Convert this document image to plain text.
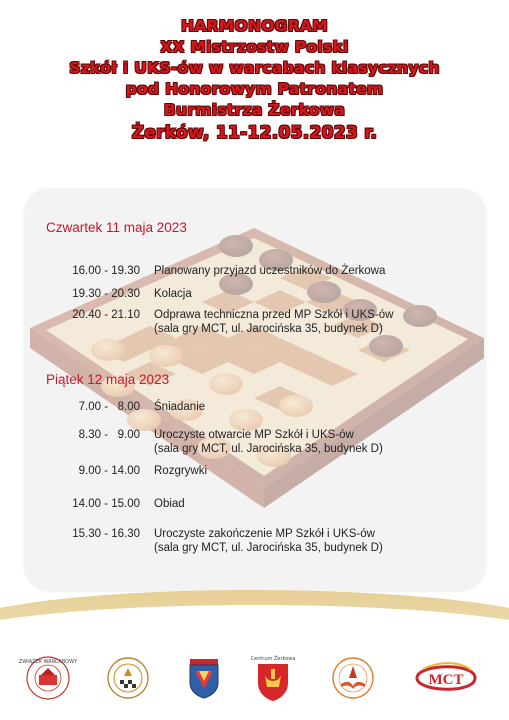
HARMONOGRAM
XX Mistrzostw Polski
Szkół i UKS-ów w warcabach klasycznych
pod Honorowym Patronatem
Burmistrza Żerkowa
Żerków, 11-12.05.2023 r.
Czwartek 11 maja 2023
16.00 - 19.30 Planowany przyjazd uczestników do Żerkowa
19.30 - 20.30 Kolacja
20.40 - 21.10 Odprawa techniczna przed MP Szkół i UKS-ów
(sala gry MCT, ul. Jarocińska 35, budynek D)
Piątek 12 maja 2023
7.00 -   8.00 Śniadanie
8.30 -   9.00 Uroczyste otwarcie MP Szkół i UKS-ów
(sala gry MCT, ul. Jarocińska 35, budynek D)
9.00 - 14.00 Rozgrywki
14.00 - 15.00 Obiad
15.30 - 16.30 Uroczyste zakończenie MP Szkół i UKS-ów
(sala gry MCT, ul. Jarocińska 35, budynek D)
ZWIĄZEK WARCABOWY	Centrum Żerkowa
MCT
